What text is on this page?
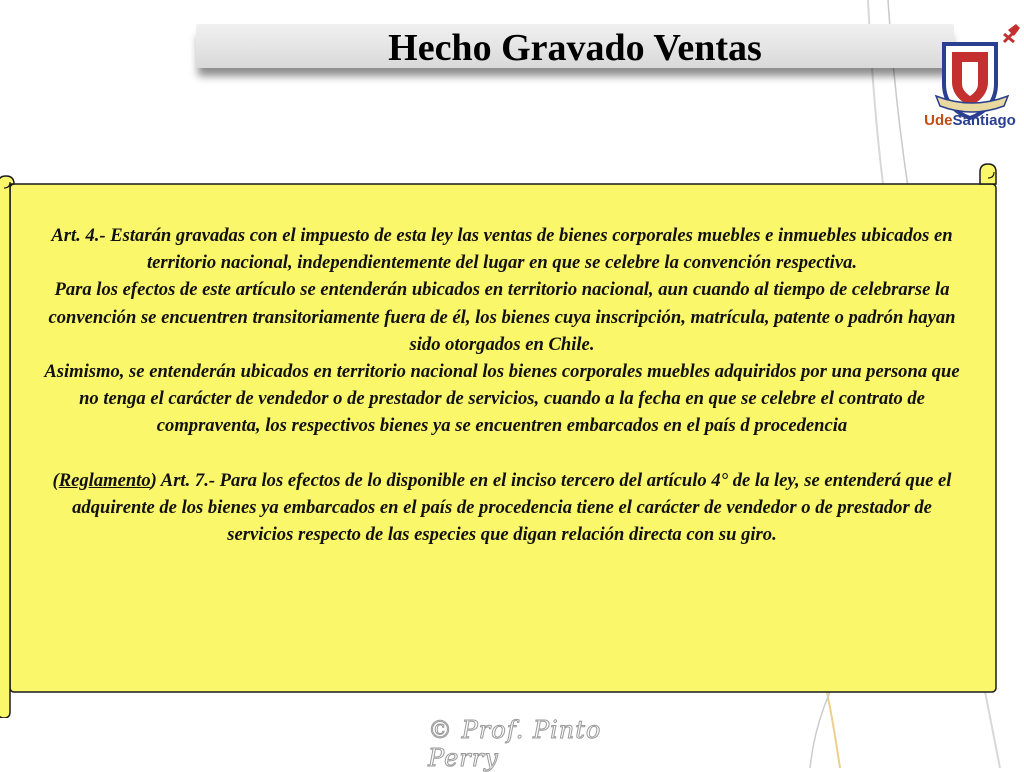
Hecho Gravado Ventas
UdeSantiago

Art. 4.- Estarán gravadas con el impuesto de esta ley las ventas de bienes corporales muebles e inmuebles ubicados en territorio nacional, independientemente del lugar en que se celebre la convención respectiva.

Para los efectos de este artículo se entenderán ubicados en territorio nacional, aun cuando al tiempo de celebrarse la convención se encuentren transitoriamente fuera de él, los bienes cuya inscripción, matrícula, patente o padrón hayan sido otorgados en Chile.

Asimismo, se entenderán ubicados en territorio nacional los bienes corporales muebles adquiridos por una persona que no tenga el carácter de vendedor o de prestador de servicios, cuando a la fecha en que se celebre el contrato de compraventa, los respectivos bienes ya se encuentren embarcados en el país d procedencia

(Reglamento) Art. 7.- Para los efectos de lo disponible en el inciso tercero del artículo 4° de la ley, se entenderá que el adquirente de los bienes ya embarcados en el país de procedencia tiene el carácter de vendedor o de prestador de servicios respecto de las especies que digan relación directa con su giro.

© Prof. Pinto Perry
